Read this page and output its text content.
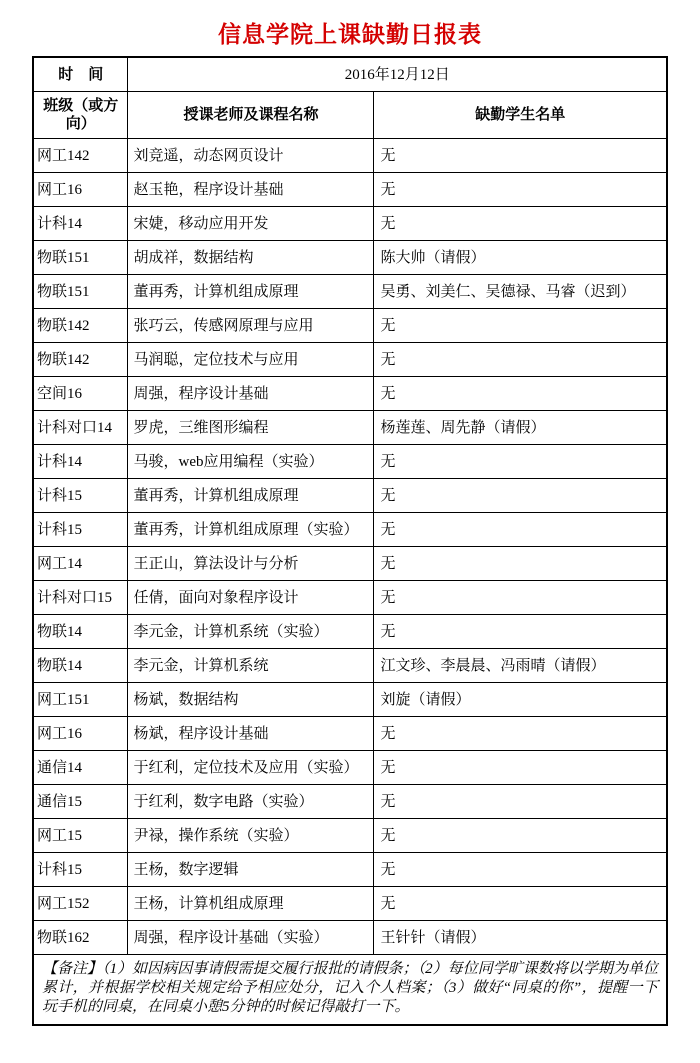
信息学院上课缺勤日报表
时　间	2016年12月12日	
班级（或方向）	授课老师及课程名称	缺勤学生名单
网工142	刘竞遥，动态网页设计	无
网工16	赵玉艳，程序设计基础	无
计科14	宋婕，移动应用开发	无
物联151	胡成祥，数据结构	陈大帅（请假）
物联151	董再秀，计算机组成原理	吴勇、刘美仁、吴德禄、马睿（迟到）
物联142	张巧云，传感网原理与应用	无
物联142	马润聪，定位技术与应用	无
空间16	周强，程序设计基础	无
计科对口14	罗虎，三维图形编程	杨莲莲、周先静（请假）
计科14	马骏，web应用编程（实验）	无
计科15	董再秀，计算机组成原理	无
计科15	董再秀，计算机组成原理（实验）	无
网工14	王正山，算法设计与分析	无
计科对口15	任倩，面向对象程序设计	无
物联14	李元金，计算机系统（实验）	无
物联14	李元金，计算机系统	江文珍、李晨晨、冯雨晴（请假）
网工151	杨斌，数据结构	刘旋（请假）
网工16	杨斌，程序设计基础	无
通信14	于红利，定位技术及应用（实验）	无
通信15	于红利，数字电路（实验）	无
网工15	尹禄，操作系统（实验）	无
计科15	王杨，数字逻辑	无
网工152	王杨，计算机组成原理	无
物联162	周强，程序设计基础（实验）	王针针（请假）
【备注】（1）如因病因事请假需提交履行报批的请假条；（2）每位同学旷课数将以学期为单位累计，并根据学校相关规定给予相应处分，记入个人档案；（3）做好“同桌的你”，提醒一下玩手机的同桌，在同桌小憩5分钟的时候记得敲打一下。		
